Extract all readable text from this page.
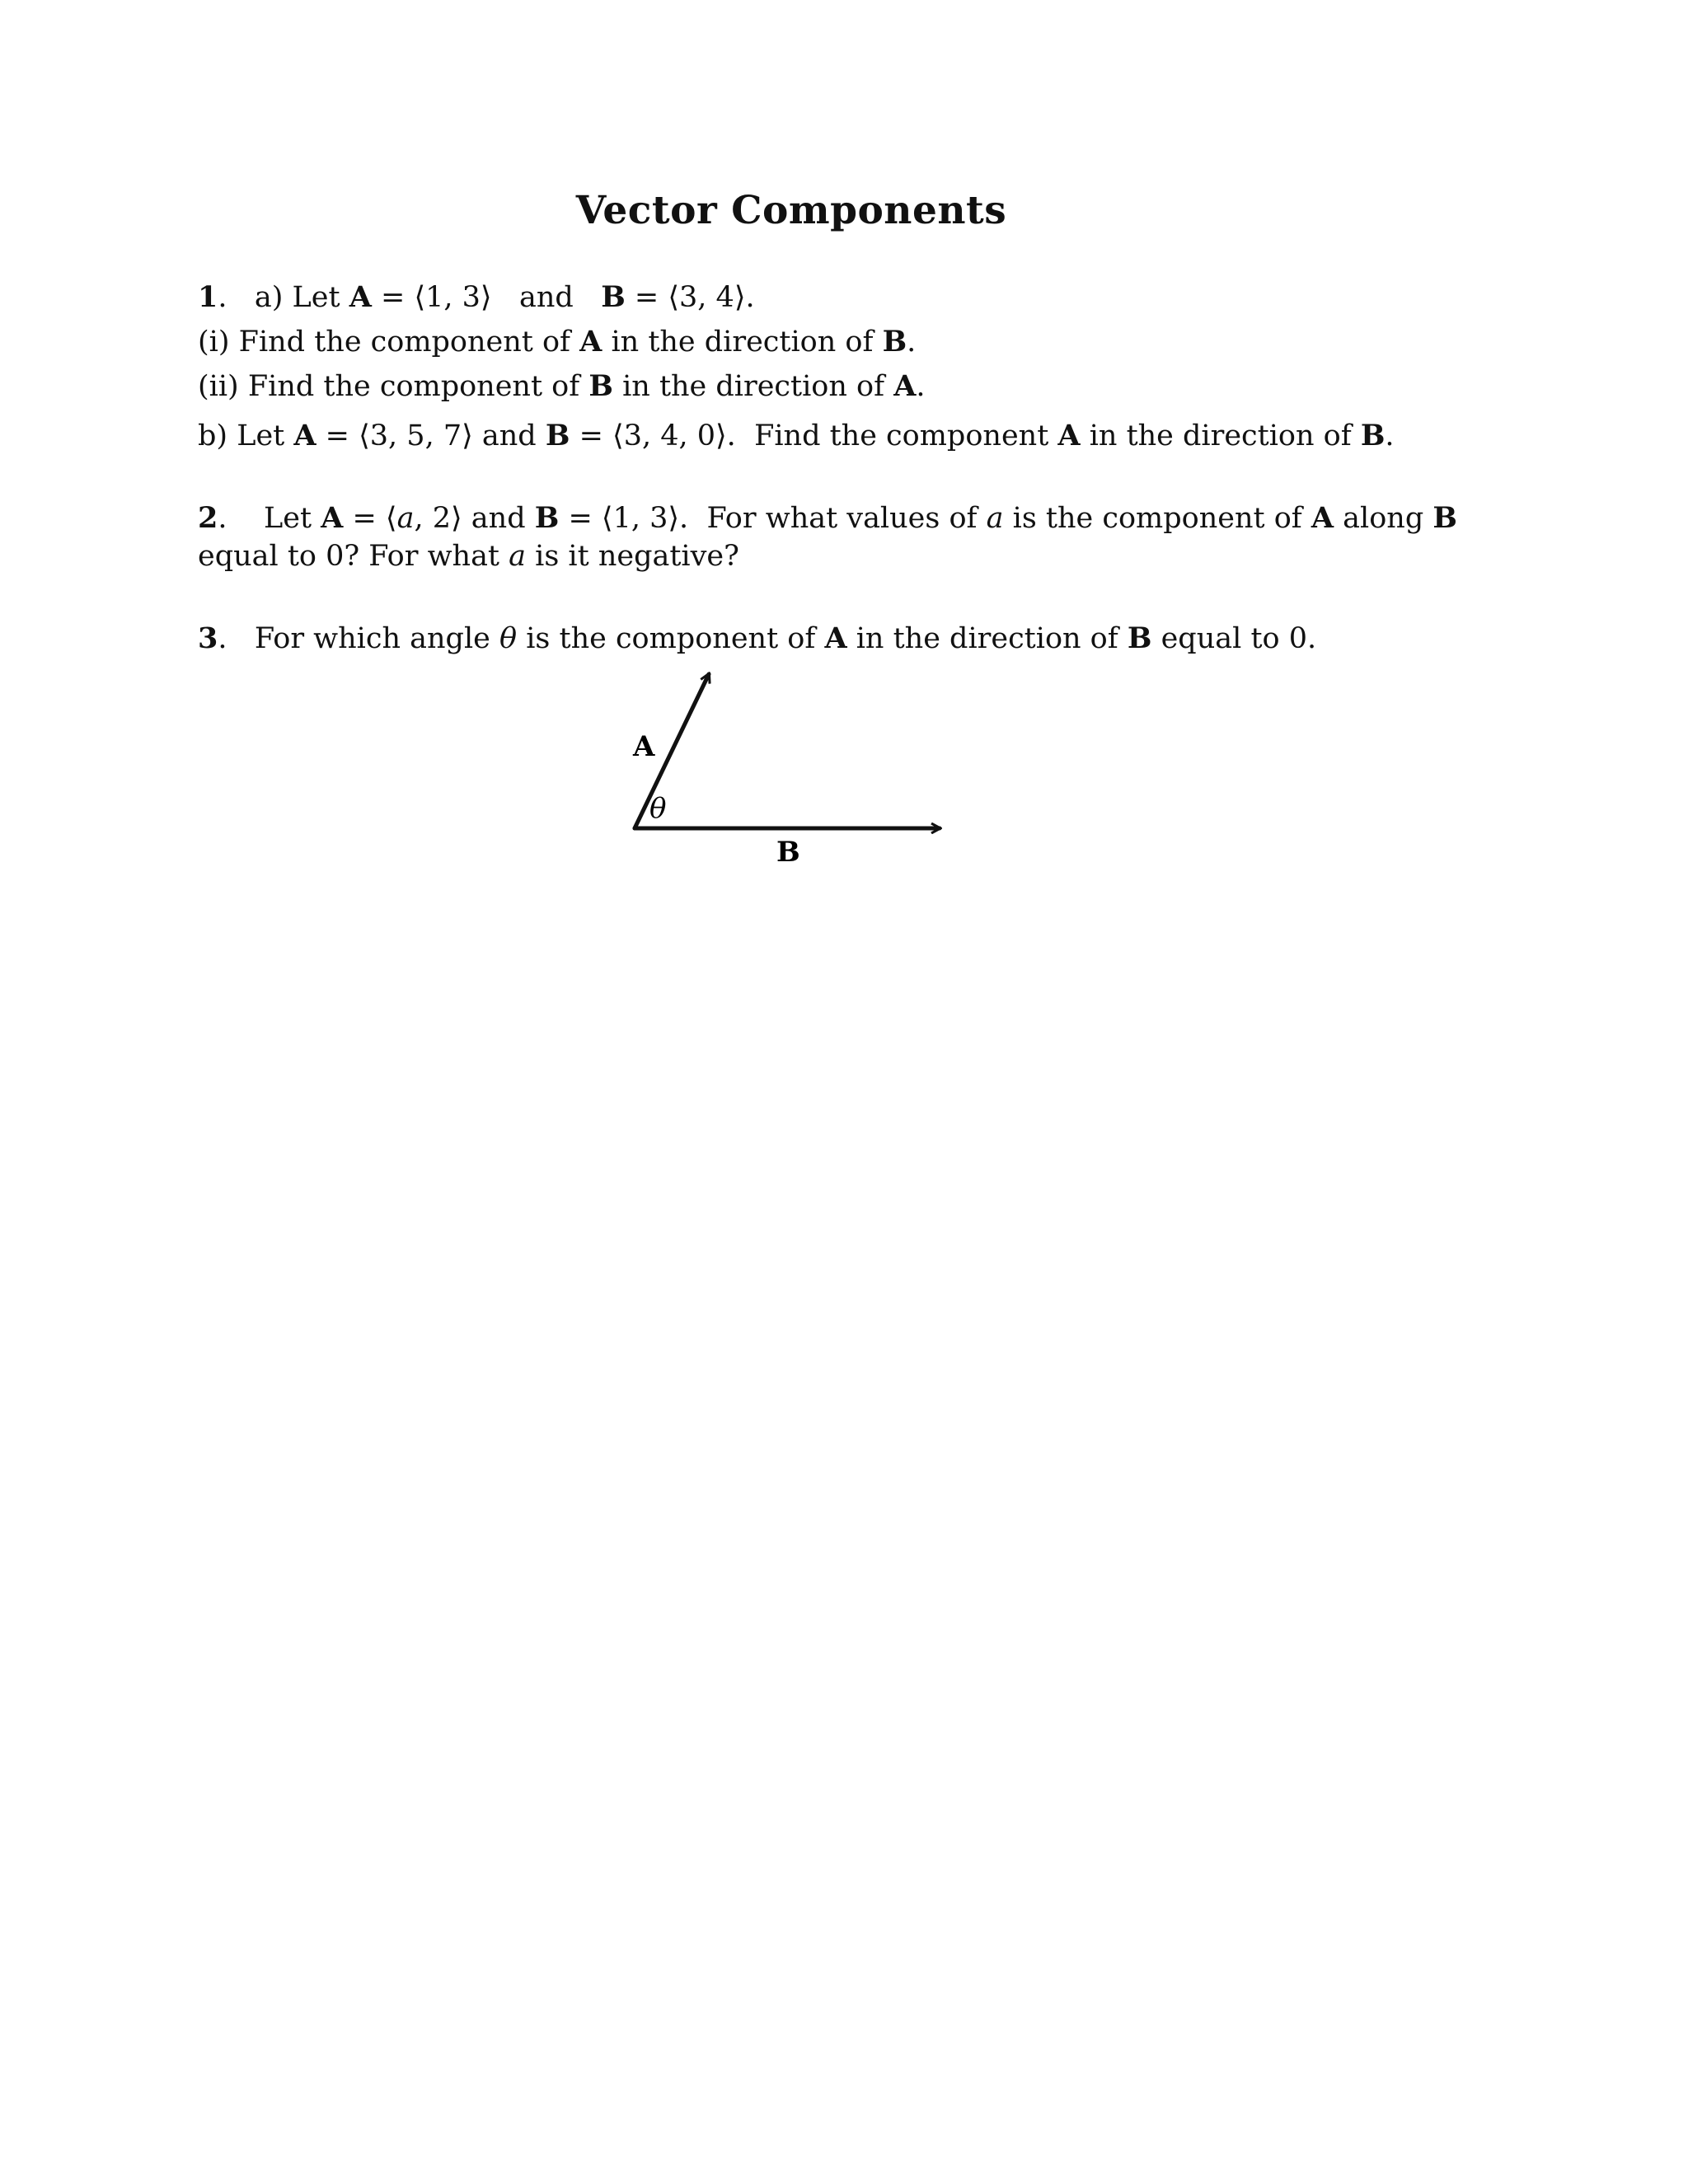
Vector Components
1.   a) Let A = ⟨1, 3⟩ and B = ⟨3, 4⟩.
(i) Find the component of A in the direction of B.
(ii) Find the component of B in the direction of A.
b) Let A = ⟨3, 5, 7⟩ and B = ⟨3, 4, 0⟩. Find the component A in the direction of B.
2.    Let A = ⟨a, 2⟩ and B = ⟨1, 3⟩. For what values of a is the component of A along B
equal to 0? For what a is it negative?
3.   For which angle θ is the component of A in the direction of B equal to 0.
A
θ
B
